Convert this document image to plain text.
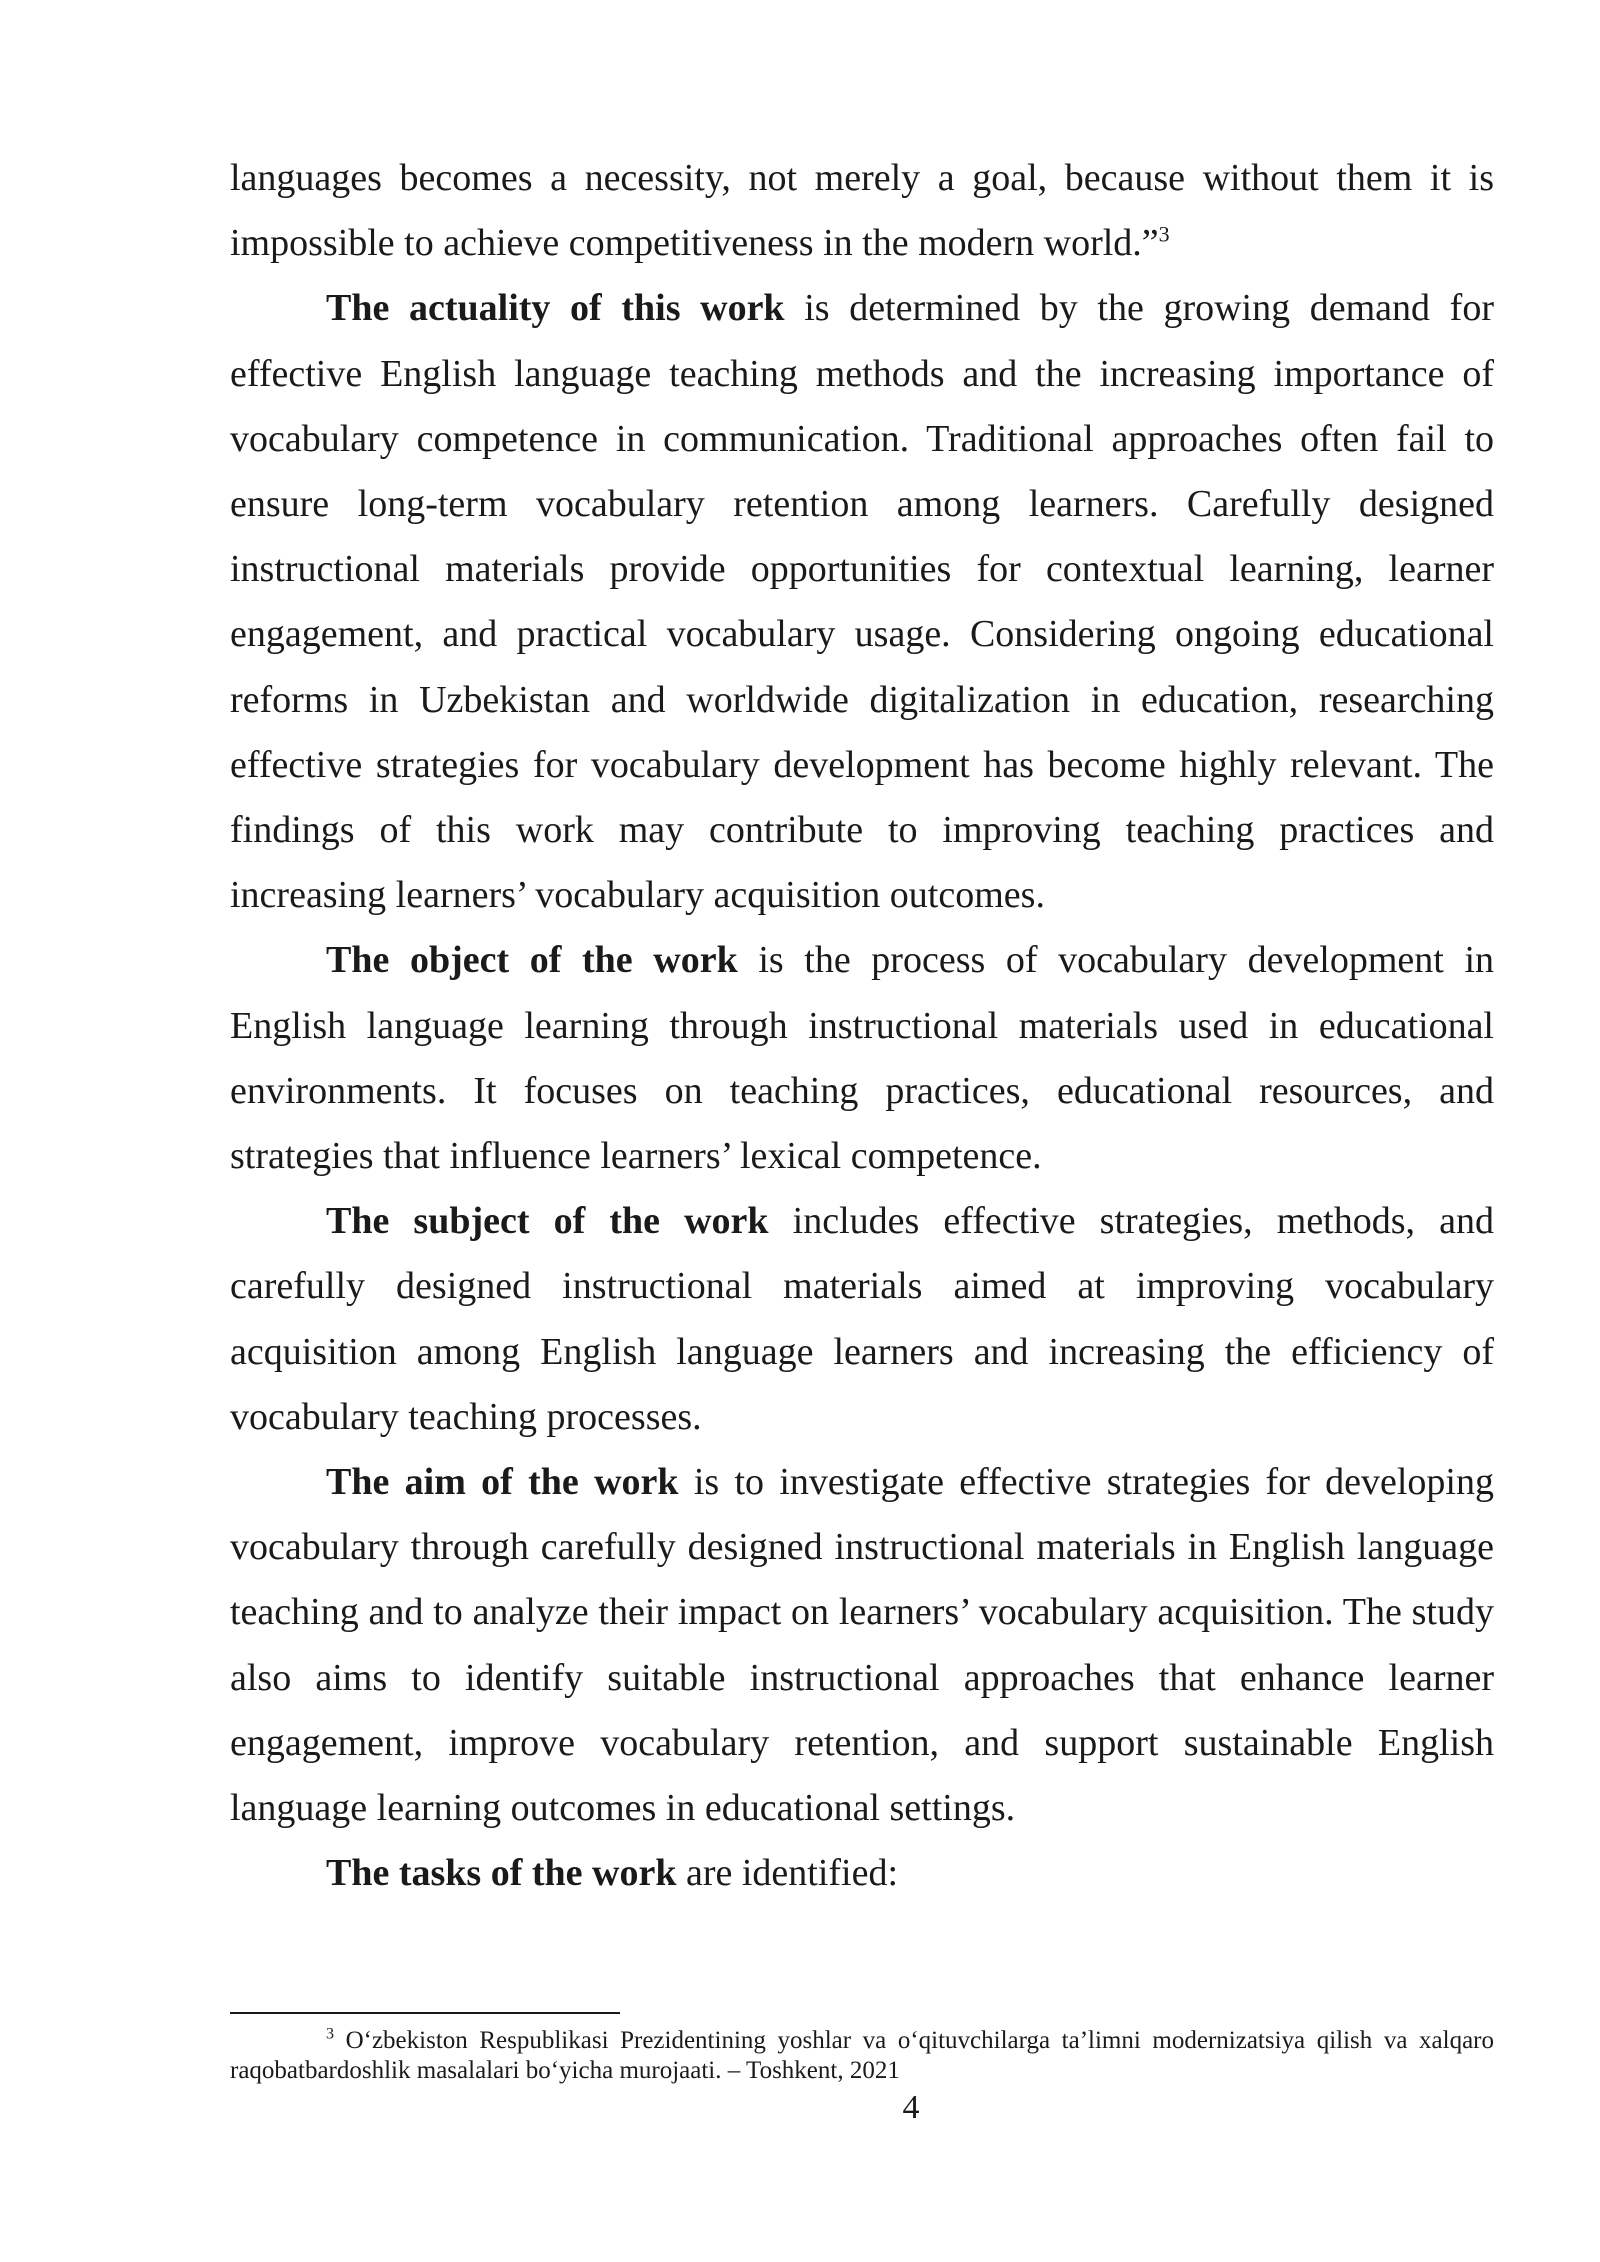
languages becomes a necessity, not merely a goal, because without them it is impossible to achieve competitiveness in the modern world.”$^3$

The actuality of this work is determined by the growing demand for effective English language teaching methods and the increasing importance of vocabulary competence in communication. Traditional approaches often fail to ensure long-term vocabulary retention among learners. Carefully designed instructional materials provide opportunities for contextual learning, learner engagement, and practical vocabulary usage. Considering ongoing educational reforms in Uzbekistan and worldwide digitalization in education, researching effective strategies for vocabulary development has become highly relevant. The findings of this work may contribute to improving teaching practices and increasing learners’ vocabulary acquisition outcomes.

The object of the work is the process of vocabulary development in English language learning through instructional materials used in educational environments. It focuses on teaching practices, educational resources, and strategies that influence learners’ lexical competence.

The subject of the work includes effective strategies, methods, and carefully designed instructional materials aimed at improving vocabulary acquisition among English language learners and increasing the efficiency of vocabulary teaching processes.

The aim of the work is to investigate effective strategies for developing vocabulary through carefully designed instructional materials in English language teaching and to analyze their impact on learners’ vocabulary acquisition. The study also aims to identify suitable instructional approaches that enhance learner engagement, improve vocabulary retention, and support sustainable English language learning outcomes in educational settings.

The tasks of the work are identified:

$^3$ O‘zbekiston Respublikasi Prezidentining yoshlar va o‘qituvchilarga ta’limni modernizatsiya qilish va xalqaro raqobatbardoshlik masalalari bo‘yicha murojaati. – Toshkent, 2021

4
